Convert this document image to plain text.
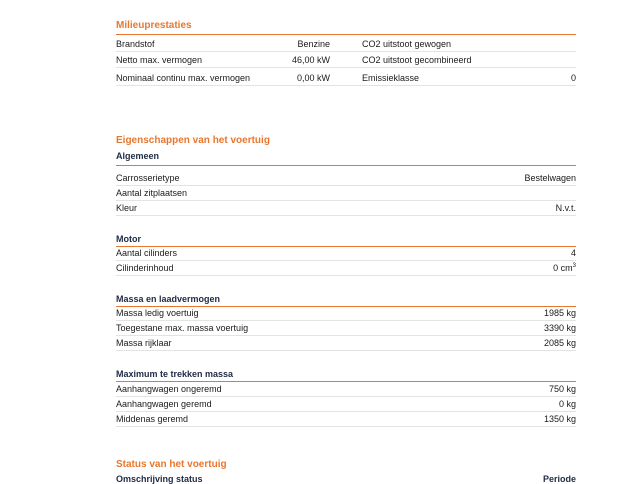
Milieuprestaties
Brandstof	Benzine	CO2 uitstoot gewogen
Netto max. vermogen	46,00 kW	CO2 uitstoot gecombineerd
Nominaal continu max. vermogen	0,00 kW	Emissieklasse	0
Eigenschappen van het voertuig
Algemeen
Carrosserietype	Bestelwagen
Aantal zitplaatsen
Kleur	N.v.t.
Motor
Aantal cilinders	4
Cilinderinhoud	0 $cm^3$
Massa en laadvermogen
Massa ledig voertuig	1985 kg
Toegestane max. massa voertuig	3390 kg
Massa rijklaar	2085 kg
Maximum te trekken massa
Aanhangwagen ongeremd	750 kg
Aanhangwagen geremd	0 kg
Middenas geremd	1350 kg
Status van het voertuig
Omschrijving status	Periode
